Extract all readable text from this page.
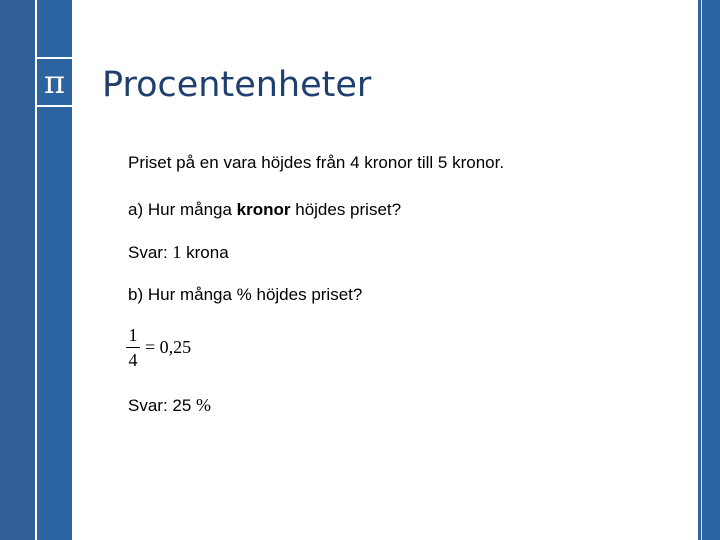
π Procentenheter
Priset på en vara höjdes från 4 kronor till 5 kronor.
a) Hur många kronor höjdes priset?
Svar: 1 krona
b) Hur många % höjdes priset?
$\frac{1}{4} = 0,25$
Svar: 25 %
